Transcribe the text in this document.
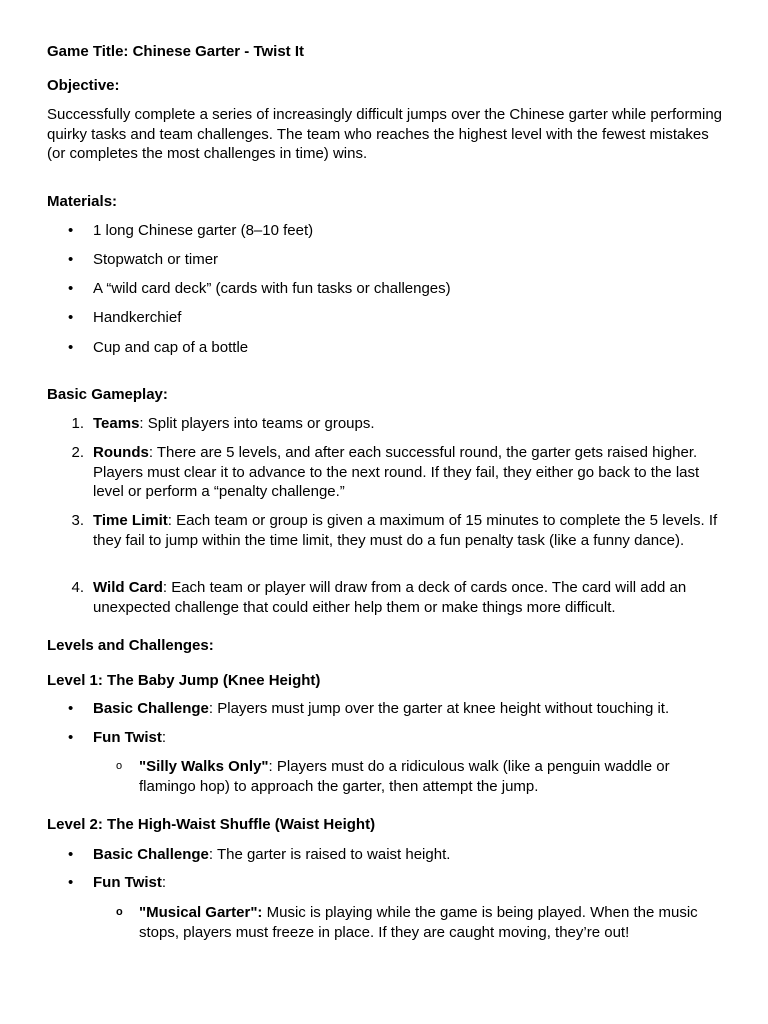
Game Title: Chinese Garter - Twist It

Objective:

Successfully complete a series of increasingly difficult jumps over the Chinese garter while performing quirky tasks and team challenges. The team who reaches the highest level with the fewest mistakes (or completes the most challenges in time) wins.

Materials:

• 1 long Chinese garter (8–10 feet)

• Stopwatch or timer

• A “wild card deck” (cards with fun tasks or challenges)

• Handkerchief

• Cup and cap of a bottle

Basic Gameplay:

1. Teams: Split players into teams or groups.

2. Rounds: There are 5 levels, and after each successful round, the garter gets raised higher. Players must clear it to advance to the next round. If they fail, they either go back to the last level or perform a “penalty challenge.”

3. Time Limit: Each team or group is given a maximum of 15 minutes to complete the 5 levels. If they fail to jump within the time limit, they must do a fun penalty task (like a funny dance).

4. Wild Card: Each team or player will draw from a deck of cards once. The card will add an unexpected challenge that could either help them or make things more difficult.

Levels and Challenges:

Level 1: The Baby Jump (Knee Height)

• Basic Challenge: Players must jump over the garter at knee height without touching it.

• Fun Twist:

o "Silly Walks Only": Players must do a ridiculous walk (like a penguin waddle or flamingo hop) to approach the garter, then attempt the jump.

Level 2: The High-Waist Shuffle (Waist Height)

• Basic Challenge: The garter is raised to waist height.

• Fun Twist:

o "Musical Garter": Music is playing while the game is being played. When the music stops, players must freeze in place. If they are caught moving, they’re out!
